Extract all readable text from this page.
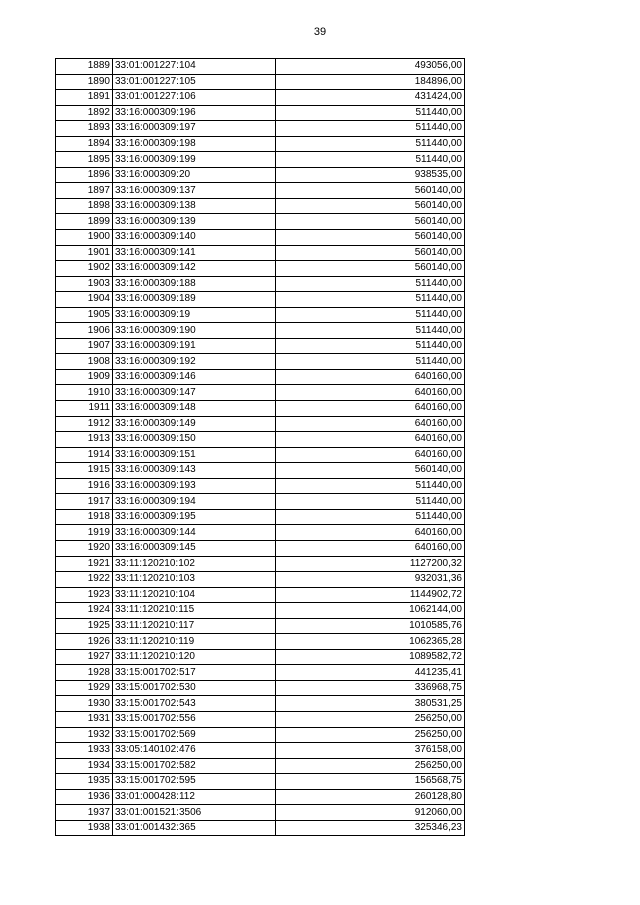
39
1889	33:01:001227:104	493056,00
1890	33:01:001227:105	184896,00
1891	33:01:001227:106	431424,00
1892	33:16:000309:196	511440,00
1893	33:16:000309:197	511440,00
1894	33:16:000309:198	511440,00
1895	33:16:000309:199	511440,00
1896	33:16:000309:20	938535,00
1897	33:16:000309:137	560140,00
1898	33:16:000309:138	560140,00
1899	33:16:000309:139	560140,00
1900	33:16:000309:140	560140,00
1901	33:16:000309:141	560140,00
1902	33:16:000309:142	560140,00
1903	33:16:000309:188	511440,00
1904	33:16:000309:189	511440,00
1905	33:16:000309:19	511440,00
1906	33:16:000309:190	511440,00
1907	33:16:000309:191	511440,00
1908	33:16:000309:192	511440,00
1909	33:16:000309:146	640160,00
1910	33:16:000309:147	640160,00
1911	33:16:000309:148	640160,00
1912	33:16:000309:149	640160,00
1913	33:16:000309:150	640160,00
1914	33:16:000309:151	640160,00
1915	33:16:000309:143	560140,00
1916	33:16:000309:193	511440,00
1917	33:16:000309:194	511440,00
1918	33:16:000309:195	511440,00
1919	33:16:000309:144	640160,00
1920	33:16:000309:145	640160,00
1921	33:11:120210:102	1127200,32
1922	33:11:120210:103	932031,36
1923	33:11:120210:104	1144902,72
1924	33:11:120210:115	1062144,00
1925	33:11:120210:117	1010585,76
1926	33:11:120210:119	1062365,28
1927	33:11:120210:120	1089582,72
1928	33:15:001702:517	441235,41
1929	33:15:001702:530	336968,75
1930	33:15:001702:543	380531,25
1931	33:15:001702:556	256250,00
1932	33:15:001702:569	256250,00
1933	33:05:140102:476	376158,00
1934	33:15:001702:582	256250,00
1935	33:15:001702:595	156568,75
1936	33:01:000428:112	260128,80
1937	33:01:001521:3506	912060,00
1938	33:01:001432:365	325346,23
